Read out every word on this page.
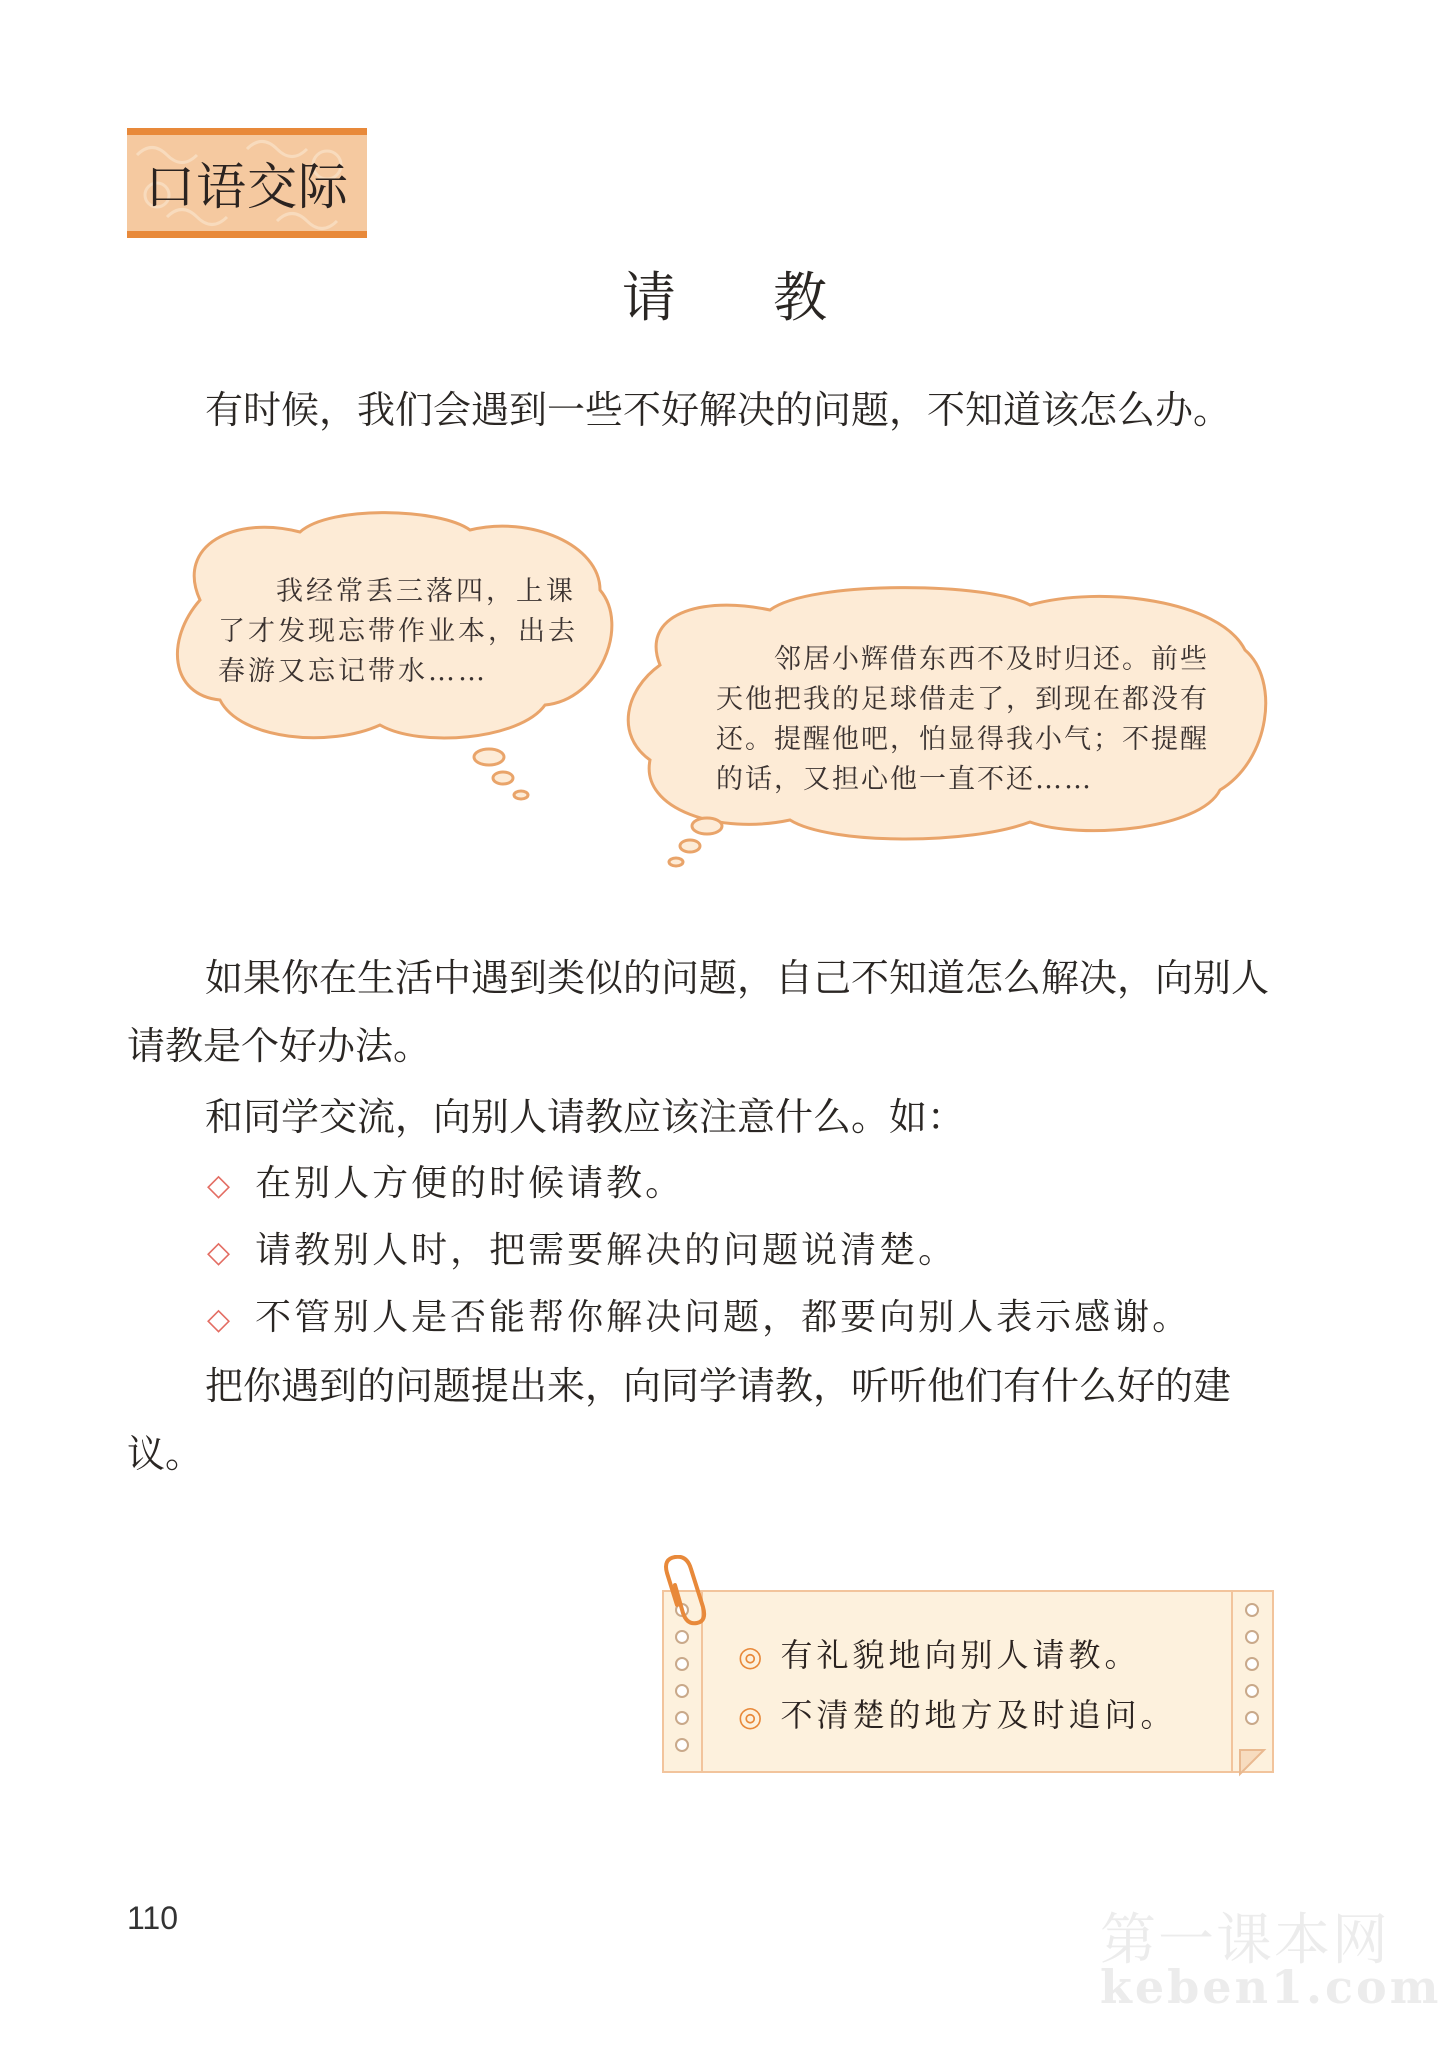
口语交际
请 教
有时候，我们会遇到一些不好解决的问题，不知道该怎么办。
我经常丢三落四，上课了才发现忘带作业本，出去春游又忘记带水……	邻居小辉借东西不及时归还。前些天他把我的足球借走了，到现在都没有还。提醒他吧，怕显得我小气；不提醒的话，又担心他一直不还……
如果你在生活中遇到类似的问题，自己不知道怎么解决，向别人请教是个好办法。
和同学交流，向别人请教应该注意什么。如：
◇ 在别人方便的时候请教。
◇ 请教别人时，把需要解决的问题说清楚。
◇ 不管别人是否能帮你解决问题，都要向别人表示感谢。
把你遇到的问题提出来，向同学请教，听听他们有什么好的建议。
◎ 有礼貌地向别人请教。
◎ 不清楚的地方及时追问。
110	第一课本网
keben1.com
